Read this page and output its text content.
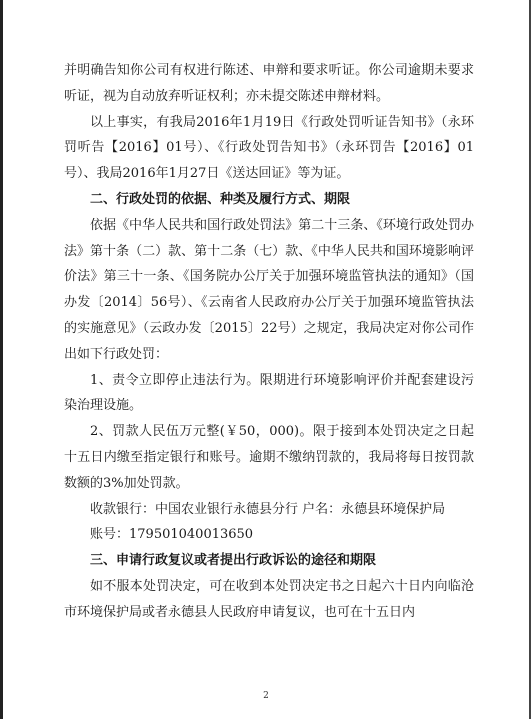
并明确告知你公司有权进行陈述、申辩和要求听证。你公司逾期未要求听证，视为自动放弃听证权利；亦未提交陈述申辩材料。

以上事实，有我局2016年1月19日《行政处罚听证告知书》（永环罚听告【2016】01号）、《行政处罚告知书》（永环罚告【2016】01号）、我局2016年1月27日《送达回证》等为证。

二、行政处罚的依据、种类及履行方式、期限

依据《中华人民共和国行政处罚法》第二十三条、《环境行政处罚办法》第十条（二）款、第十二条（七）款、《中华人民共和国环境影响评价法》第三十一条、《国务院办公厅关于加强环境监管执法的通知》（国办发〔2014〕56号）、《云南省人民政府办公厅关于加强环境监管执法的实施意见》（云政办发〔2015〕22号）之规定，我局决定对你公司作出如下行政处罚：

1、责令立即停止违法行为。限期进行环境影响评价并配套建设污染治理设施。

2、罚款人民伍万元整(￥50，000)。限于接到本处罚决定之日起十五日内缴至指定银行和账号。逾期不缴纳罚款的，我局将每日按罚款数额的3%加处罚款。

收款银行：中国农业银行永德县分行 户名：永德县环境保护局

账号：179501040013650

三、申请行政复议或者提出行政诉讼的途径和期限

如不服本处罚决定，可在收到本处罚决定书之日起六十日内向临沧市环境保护局或者永德县人民政府申请复议，也可在十五日内

2
